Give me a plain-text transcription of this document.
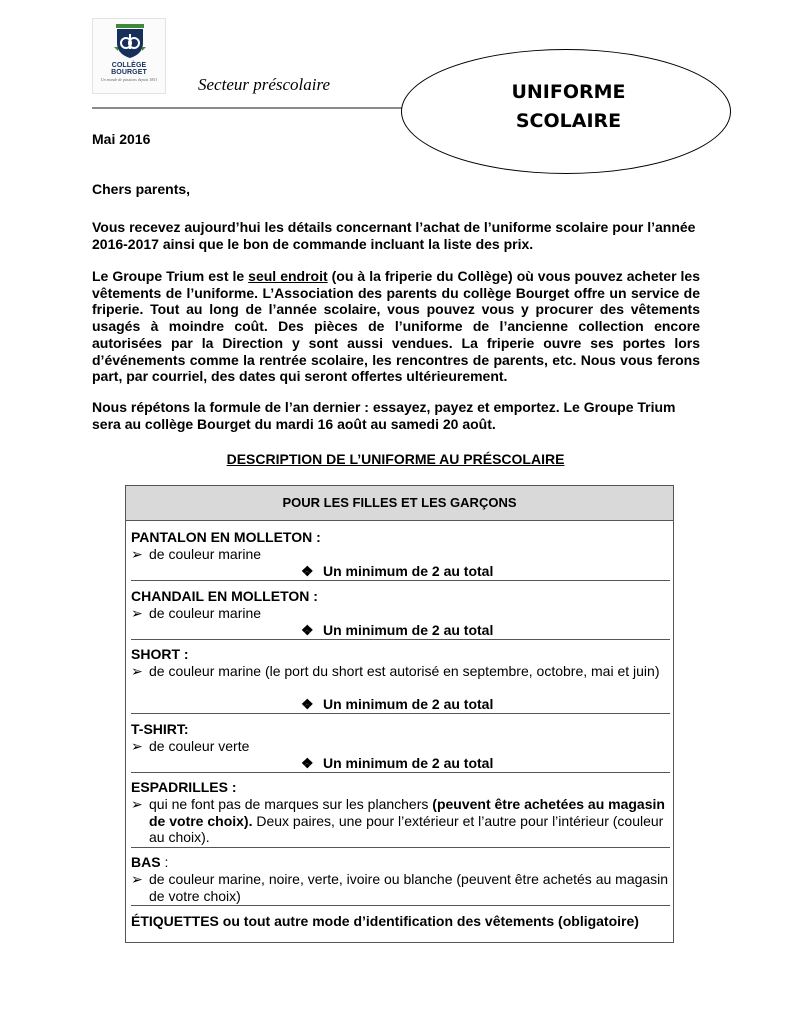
COLLÈGE BOURGET
Un monde de passions depuis 1851	Secteur préscolaire	UNIFORME
SCOLAIRE

Mai 2016

Chers parents,

Vous recevez aujourd’hui les détails concernant l’achat de l’uniforme scolaire pour l’année 2016-2017 ainsi que le bon de commande incluant la liste des prix.

Le Groupe Trium est le seul endroit (ou à la friperie du Collège) où vous pouvez acheter les vêtements de l’uniforme. L’Association des parents du collège Bourget offre un service de friperie. Tout au long de l’année scolaire, vous pouvez vous y procurer des vêtements usagés à moindre coût. Des pièces de l’uniforme de l’ancienne collection encore autorisées par la Direction y sont aussi vendues. La friperie ouvre ses portes lors d’événements comme la rentrée scolaire, les rencontres de parents, etc. Nous vous ferons part, par courriel, des dates qui seront offertes ultérieurement.

Nous répétons la formule de l’an dernier : essayez, payez et emportez. Le Groupe Trium sera au collège Bourget du mardi 16 août au samedi 20 août.

DESCRIPTION DE L’UNIFORME AU PRÉSCOLAIRE

POUR LES FILLES ET LES GARÇONS

PANTALON EN MOLLETON :

➢ de couleur marine

❖ Un minimum de 2 au total

CHANDAIL EN MOLLETON :

➢ de couleur marine

❖ Un minimum de 2 au total

SHORT :

➢ de couleur marine (le port du short est autorisé en septembre, octobre, mai et juin)

❖ Un minimum de 2 au total

T-SHIRT:

➢ de couleur verte

❖ Un minimum de 2 au total

ESPADRILLES :

➢ qui ne font pas de marques sur les planchers (peuvent être achetées au magasin de votre choix). Deux paires, une pour l’extérieur et l’autre pour l’intérieur (couleur au choix).

BAS :

➢ de couleur marine, noire, verte, ivoire ou blanche (peuvent être achetés au magasin de votre choix)

ÉTIQUETTES ou tout autre mode d’identification des vêtements (obligatoire)
